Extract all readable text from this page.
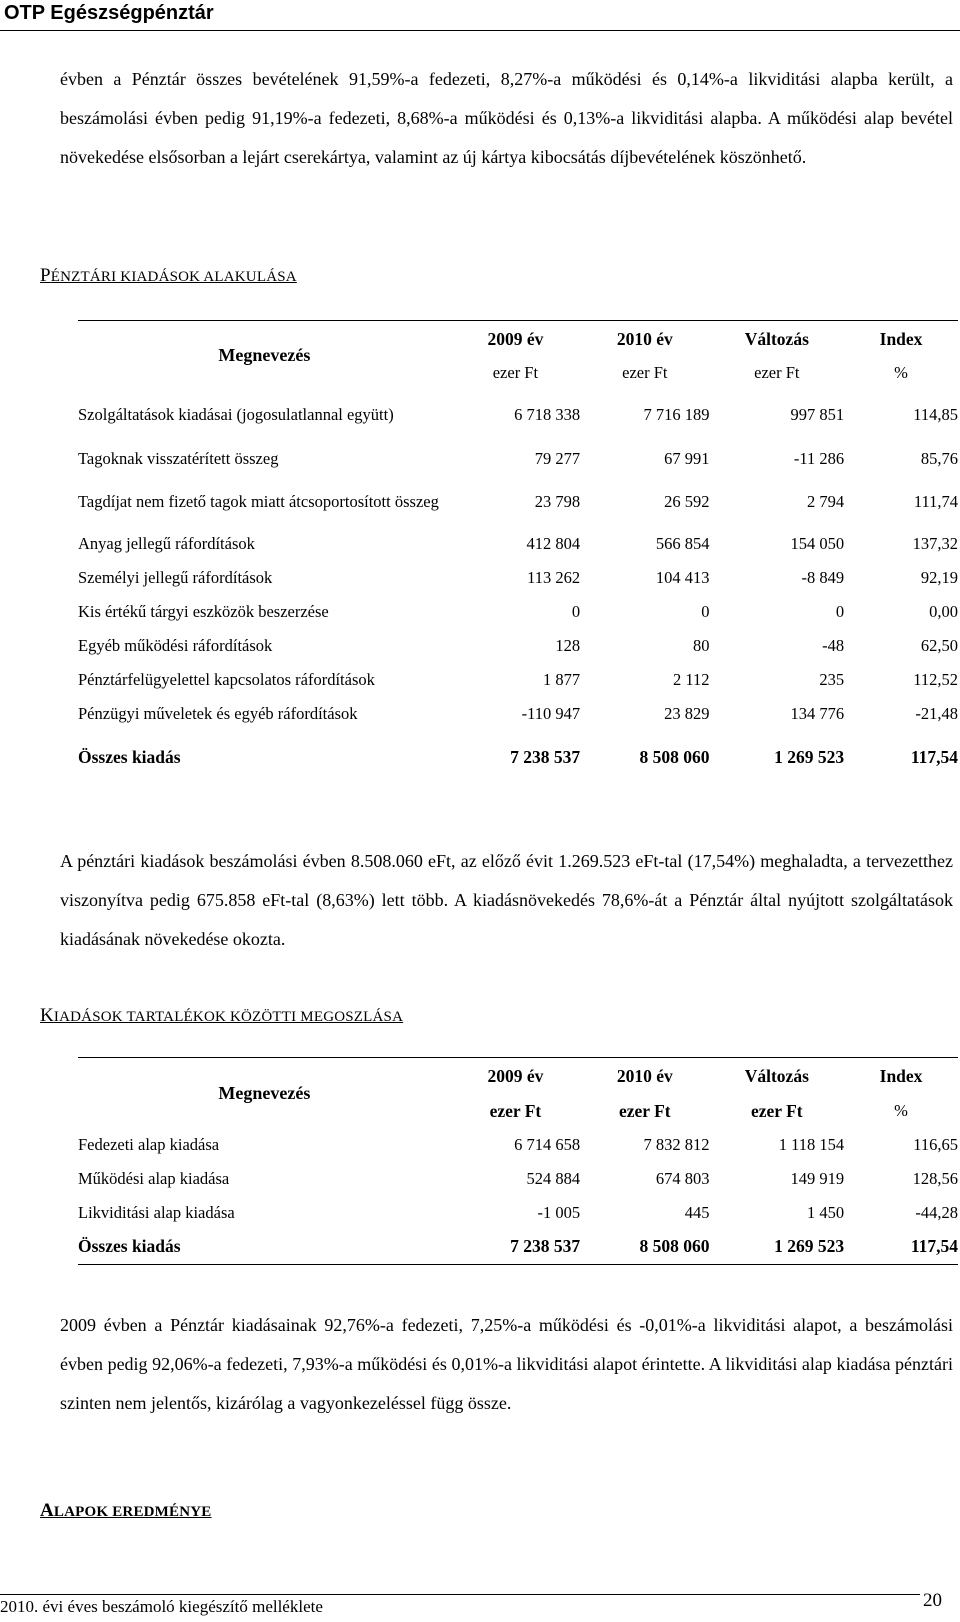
OTP Egészségpénztár

évben a Pénztár összes bevételének 91,59%-a fedezeti, 8,27%-a működési és 0,14%-a likviditási alapba került, a beszámolási évben pedig 91,19%-a fedezeti, 8,68%-a működési és 0,13%-a likviditási alapba. A működési alap bevétel növekedése elsősorban a lejárt cserekártya, valamint az új kártya kibocsátás díjbevételének köszönhető.

PÉNZTÁRI KIADÁSOK ALAKULÁSA

Megnevezés	2009 év	2010 év	Változás	Index
	ezer Ft	ezer Ft	ezer Ft	%
Szolgáltatások kiadásai (jogosulatlannal együtt)	6 718 338	7 716 189	997 851	114,85
Tagoknak visszatérített összeg	79 277	67 991	-11 286	85,76
Tagdíjat nem fizető tagok miatt átcsoportosított összeg	23 798	26 592	2 794	111,74
Anyag jellegű ráfordítások	412 804	566 854	154 050	137,32
Személyi jellegű ráfordítások	113 262	104 413	-8 849	92,19
Kis értékű tárgyi eszközök beszerzése	0	0	0	0,00
Egyéb működési ráfordítások	128	80	-48	62,50
Pénztárfelügyelettel kapcsolatos ráfordítások	1 877	2 112	235	112,52
Pénzügyi műveletek és egyéb ráfordítások	-110 947	23 829	134 776	-21,48
Összes kiadás	7 238 537	8 508 060	1 269 523	117,54

A pénztári kiadások beszámolási évben 8.508.060 eFt, az előző évit 1.269.523 eFt-tal (17,54%) meghaladta, a tervezetthez viszonyítva pedig 675.858 eFt-tal (8,63%) lett több. A kiadásnövekedés 78,6%-át a Pénztár által nyújtott szolgáltatások kiadásának növekedése okozta.

KIADÁSOK TARTALÉKOK KÖZÖTTI MEGOSZLÁSA

Megnevezés	2009 év	2010 év	Változás	Index
	ezer Ft	ezer Ft	ezer Ft	%
Fedezeti alap kiadása	6 714 658	7 832 812	1 118 154	116,65
Működési alap kiadása	524 884	674 803	149 919	128,56
Likviditási alap kiadása	-1 005	445	1 450	-44,28
Összes kiadás	7 238 537	8 508 060	1 269 523	117,54

2009 évben a Pénztár kiadásainak 92,76%-a fedezeti, 7,25%-a működési és -0,01%-a likviditási alapot, a beszámolási évben pedig 92,06%-a fedezeti, 7,93%-a működési és 0,01%-a likviditási alapot érintette. A likviditási alap kiadása pénztári szinten nem jelentős, kizárólag a vagyonkezeléssel függ össze.

ALAPOK EREDMÉNYE
2010. évi éves beszámoló kiegészítő melléklete	20
